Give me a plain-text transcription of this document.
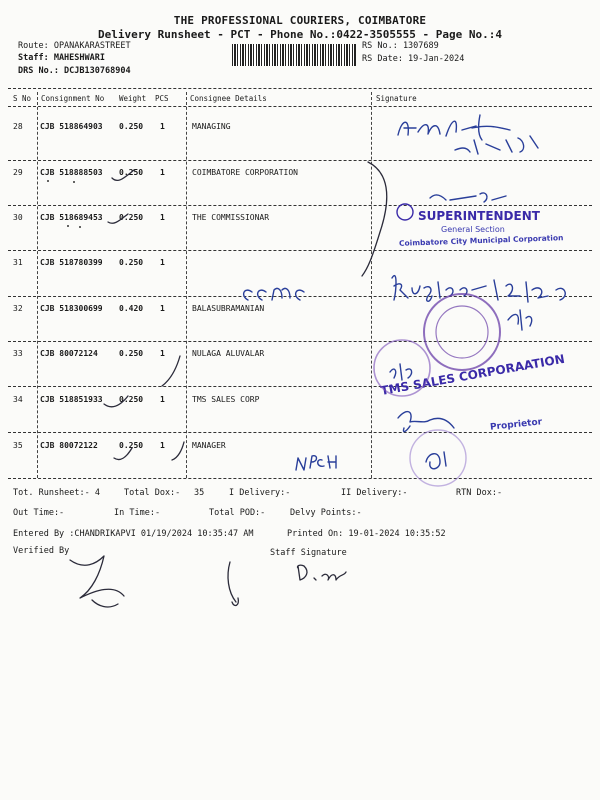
THE PROFESSIONAL COURIERS, COIMBATORE
Delivery Runsheet - PCT - Phone No.:0422-3505555 - Page No.:4
Route: OPANAKARASTREET
Staff: MAHESHWARI
DRS No.: DCJB130768904
RS No.: 1307689
RS Date: 19-Jan-2024
S No Consignment No Weight PCS	Consignee Details	Signature
28 CJB 518864903 0.250 1	MANAGING
29 CJB 518888503 0.250 1	COIMBATORE CORPORATION
30 CJB 518689453 0.250 1	THE COMMISSIONAR
31 CJB 518780399 0.250 1
32 CJB 518300699 0.420 1	BALASUBRAMANIAN
33 CJB 80072124	0.250 1	NULAGA ALUVALAR
34 CJB 518851933 0.250 1	TMS SALES CORP
35 CJB 80072122	0.250 1	MANAGER
SUPERINTENDENT
General Section
Coimbatore City Municipal Corporation
TMS SALES CORPORAATION
Proprietor
Tot. Runsheet:- 4	Total Dox:- 35	I Delivery:-	II Delivery:-	RTN Dox:-
Out Time:-	In Time:-	Total POD:-	Delvy Points:-
Entered By :CHANDRIKAPVI 01/19/2024 10:35:47 AM	Printed On: 19-01-2024 10:35:52
Verified By	Staff Signature
